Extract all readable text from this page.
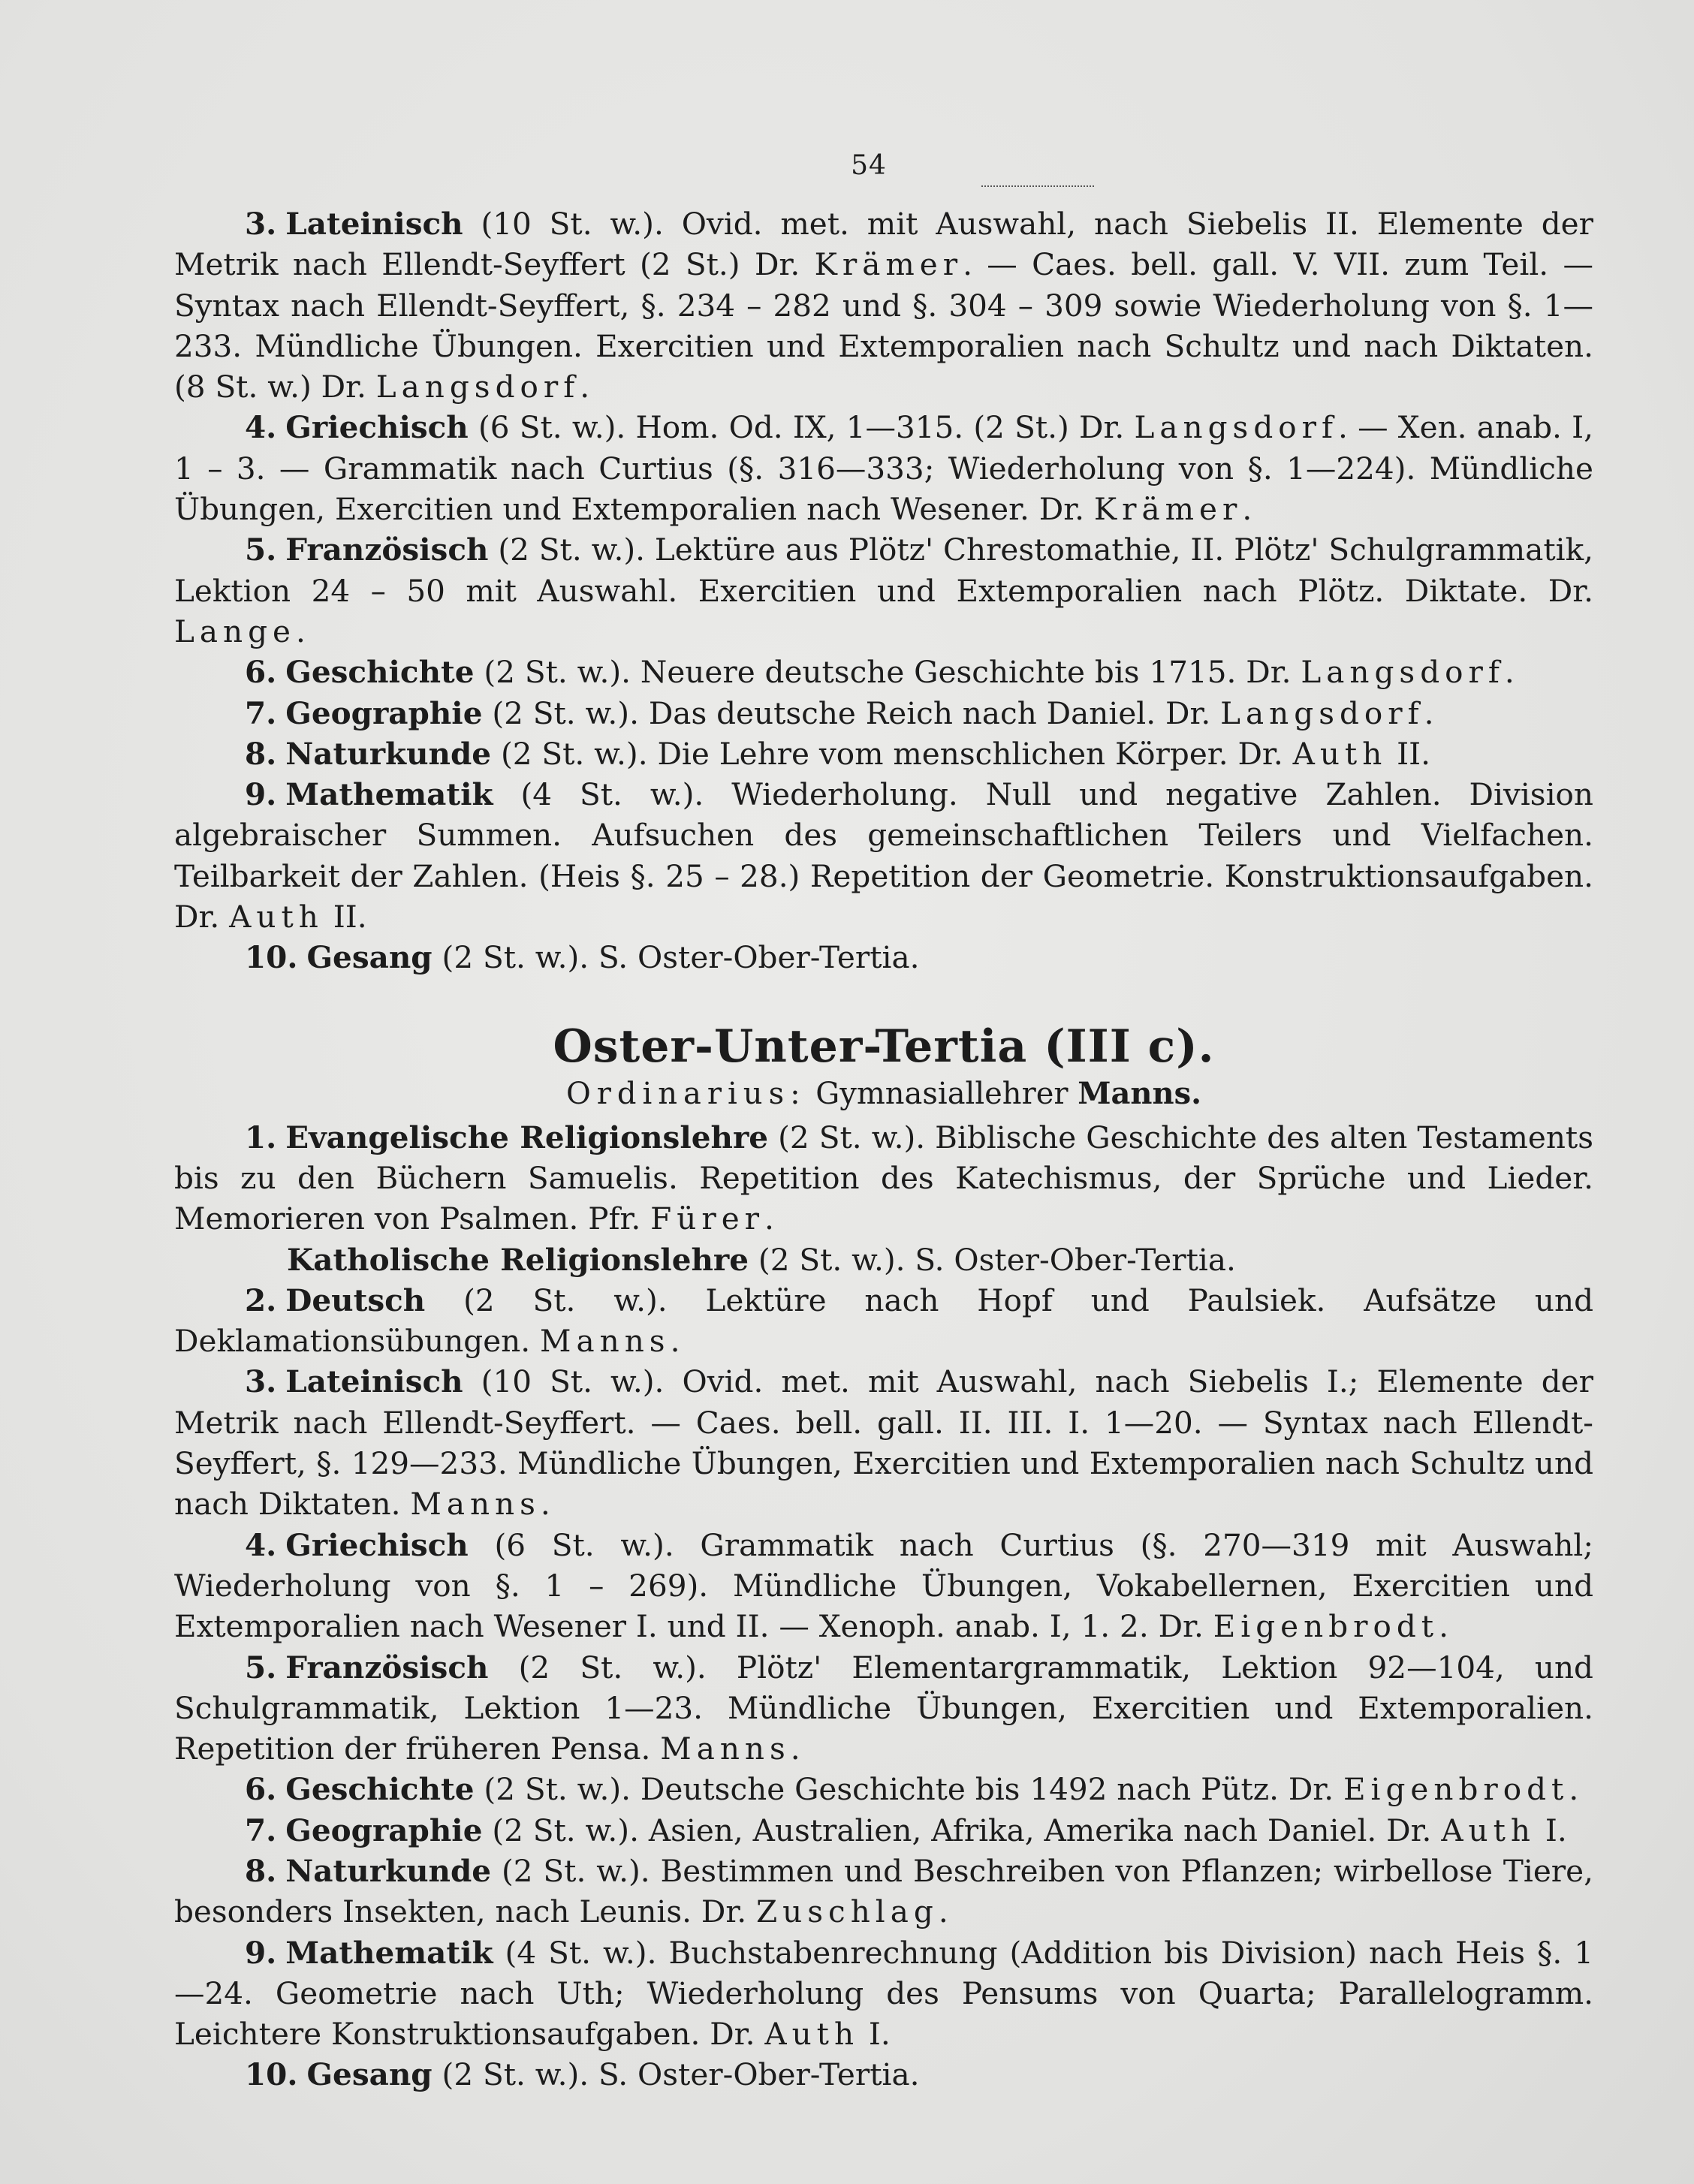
54

3. Lateinisch (10 St. w.). Ovid. met. mit Auswahl, nach Siebelis II. Elemente der Metrik nach Ellendt-Seyffert (2 St.) Dr. Krämer. — Caes. bell. gall. V. VII. zum Teil. — Syntax nach Ellendt-Seyffert, §. 234 – 282 und §. 304 – 309 sowie Wiederholung von §. 1—233. Mündliche Übungen. Exercitien und Extemporalien nach Schultz und nach Diktaten. (8 St. w.) Dr. Langsdorf.

4. Griechisch (6 St. w.). Hom. Od. IX, 1—315. (2 St.) Dr. Langsdorf. — Xen. anab. I, 1 – 3. — Grammatik nach Curtius (§. 316—333; Wiederholung von §. 1—224). Mündliche Übungen, Exercitien und Extemporalien nach Wesener. Dr. Krämer.

5. Französisch (2 St. w.). Lektüre aus Plötz' Chrestomathie, II. Plötz' Schulgrammatik, Lektion 24 – 50 mit Auswahl. Exercitien und Extemporalien nach Plötz. Diktate. Dr. Lange.

6. Geschichte (2 St. w.). Neuere deutsche Geschichte bis 1715. Dr. Langsdorf.

7. Geographie (2 St. w.). Das deutsche Reich nach Daniel. Dr. Langsdorf.

8. Naturkunde (2 St. w.). Die Lehre vom menschlichen Körper. Dr. Auth II.

9. Mathematik (4 St. w.). Wiederholung. Null und negative Zahlen. Division algebraischer Summen. Aufsuchen des gemeinschaftlichen Teilers und Vielfachen. Teilbarkeit der Zahlen. (Heis §. 25 – 28.) Repetition der Geometrie. Konstruktionsaufgaben. Dr. Auth II.

10. Gesang (2 St. w.). S. Oster-Ober-Tertia.

Oster-Unter-Tertia (III c).
Ordinarius: Gymnasiallehrer Manns.

1. Evangelische Religionslehre (2 St. w.). Biblische Geschichte des alten Testaments bis zu den Büchern Samuelis. Repetition des Katechismus, der Sprüche und Lieder. Memorieren von Psalmen. Pfr. Fürer.

Katholische Religionslehre (2 St. w.). S. Oster-Ober-Tertia.

2. Deutsch (2 St. w.). Lektüre nach Hopf und Paulsiek. Aufsätze und Deklamationsübungen. Manns.

3. Lateinisch (10 St. w.). Ovid. met. mit Auswahl, nach Siebelis I.; Elemente der Metrik nach Ellendt-Seyffert. — Caes. bell. gall. II. III. I. 1—20. — Syntax nach Ellendt-Seyffert, §. 129—233. Mündliche Übungen, Exercitien und Extemporalien nach Schultz und nach Diktaten. Manns.

4. Griechisch (6 St. w.). Grammatik nach Curtius (§. 270—319 mit Auswahl; Wiederholung von §. 1 – 269). Mündliche Übungen, Vokabellernen, Exercitien und Extemporalien nach Wesener I. und II. — Xenoph. anab. I, 1. 2. Dr. Eigenbrodt.

5. Französisch (2 St. w.). Plötz' Elementargrammatik, Lektion 92—104, und Schulgrammatik, Lektion 1—23. Mündliche Übungen, Exercitien und Extemporalien. Repetition der früheren Pensa. Manns.

6. Geschichte (2 St. w.). Deutsche Geschichte bis 1492 nach Pütz. Dr. Eigenbrodt.

7. Geographie (2 St. w.). Asien, Australien, Afrika, Amerika nach Daniel. Dr. Auth I.

8. Naturkunde (2 St. w.). Bestimmen und Beschreiben von Pflanzen; wirbellose Tiere, besonders Insekten, nach Leunis. Dr. Zuschlag.

9. Mathematik (4 St. w.). Buchstabenrechnung (Addition bis Division) nach Heis §. 1—24. Geometrie nach Uth; Wiederholung des Pensums von Quarta; Parallelogramm. Leichtere Konstruktionsaufgaben. Dr. Auth I.

10. Gesang (2 St. w.). S. Oster-Ober-Tertia.
